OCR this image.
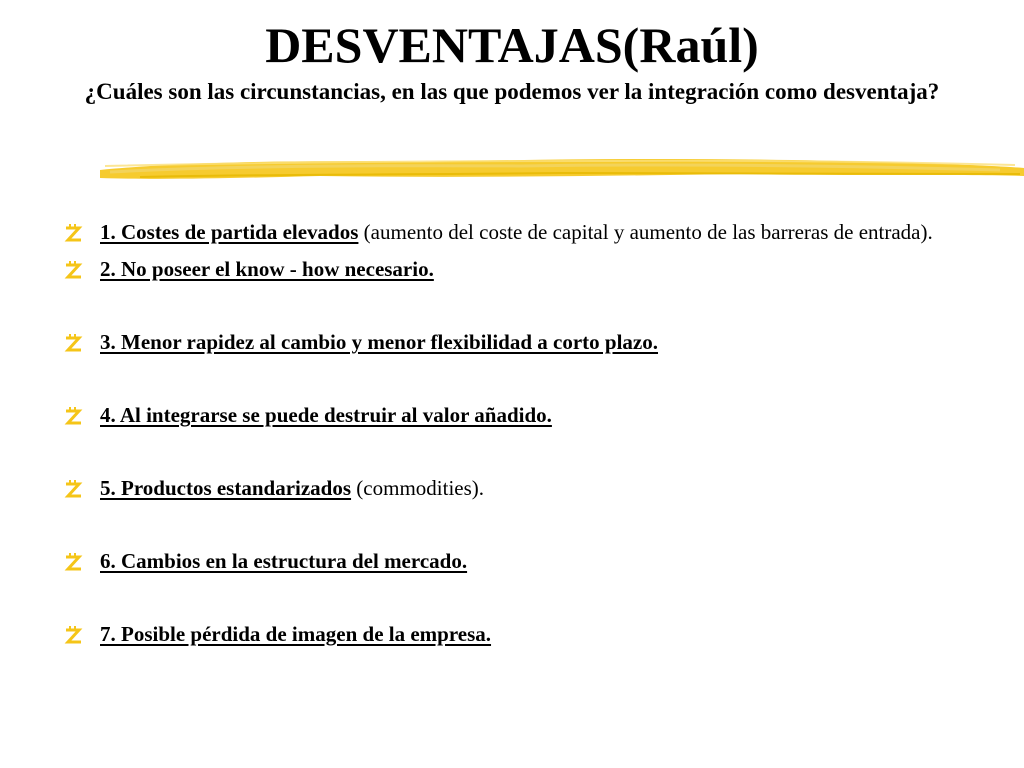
DESVENTAJAS(Raúl)

¿Cuáles son las circunstancias, en las que podemos ver la integración como desventaja?

1. Costes de partida elevados (aumento del coste de capital y aumento de las barreras de entrada).
2. No poseer el know - how necesario.
3. Menor rapidez al cambio y menor flexibilidad a corto plazo.
4. Al integrarse se puede destruir al valor añadido.
5. Productos estandarizados (commodities).
6. Cambios en la estructura del mercado.
7. Posible pérdida de imagen de la empresa.
